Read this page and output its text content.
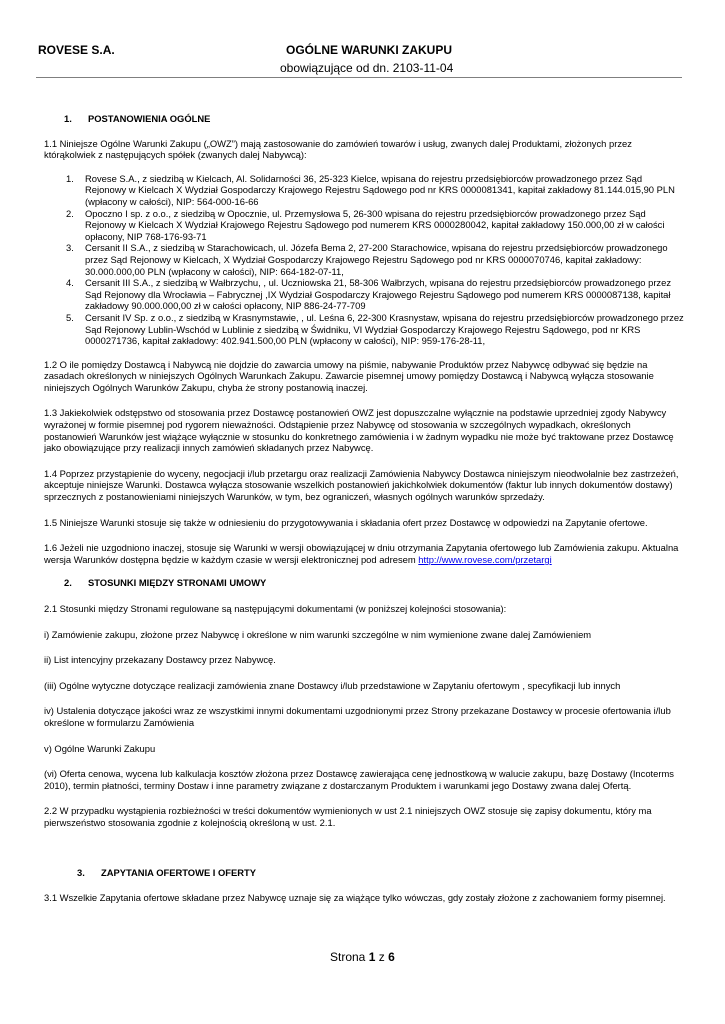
ROVESE S.A.	OGÓLNE WARUNKI ZAKUPU
obowiązujące od dn. 2103-11-04
1. POSTANOWIENIA OGÓLNE

1.1 Niniejsze Ogólne Warunki Zakupu („OWZ”) mają zastosowanie do zamówień towarów i usług, zwanych dalej Produktami, złożonych przez którąkolwiek z następujących spółek (zwanych dalej Nabywcą):

1. Rovese S.A., z siedzibą w Kielcach, Al. Solidarności 36, 25-323 Kielce, wpisana do rejestru przedsiębiorców prowadzonego przez Sąd Rejonowy w Kielcach X Wydział Gospodarczy Krajowego Rejestru Sądowego pod nr KRS 0000081341, kapitał zakładowy 81.144.015,90 PLN (wpłacony w całości), NIP: 564-000-16-66
2. Opoczno I sp. z o.o., z siedzibą w Opocznie, ul. Przemysłowa 5, 26-300 wpisana do rejestru przedsiębiorców prowadzonego przez Sąd Rejonowy w Kielcach X Wydział Krajowego Rejestru Sądowego pod numerem KRS 0000280042, kapitał zakładowy 150.000,00 zł w całości opłacony, NIP 768-176-93-71
3. Cersanit II S.A., z siedzibą w Starachowicach, ul. Józefa Bema 2, 27-200 Starachowice, wpisana do rejestru przedsiębiorców prowadzonego przez Sąd Rejonowy w Kielcach, X Wydział Gospodarczy Krajowego Rejestru Sądowego pod nr KRS 0000070746, kapitał zakładowy: 30.000.000,00 PLN (wpłacony w całości), NIP: 664-182-07-11,
4. Cersanit III S.A., z siedzibą w Wałbrzychu, , ul. Uczniowska 21, 58-306 Wałbrzych, wpisana do rejestru przedsiębiorców prowadzonego przez Sąd Rejonowy dla Wrocławia – Fabrycznej ,IX Wydział Gospodarczy Krajowego Rejestru Sądowego pod numerem KRS 0000087138, kapitał zakładowy 90.000.000,00 zł w całości opłacony, NIP 886-24-77-709
5. Cersanit IV Sp. z o.o., z siedzibą w Krasnymstawie, , ul. Leśna 6, 22-300 Krasnystaw, wpisana do rejestru przedsiębiorców prowadzonego przez Sąd Rejonowy Lublin-Wschód w Lublinie z siedzibą w Świdniku, VI Wydział Gospodarczy Krajowego Rejestru Sądowego, pod nr KRS 0000271736, kapitał zakładowy: 402.941.500,00 PLN (wpłacony w całości), NIP: 959-176-28-11,

1.2 O ile pomiędzy Dostawcą i Nabywcą nie dojdzie do zawarcia umowy na piśmie, nabywanie Produktów przez Nabywcę odbywać się będzie na zasadach określonych w niniejszych Ogólnych Warunkach Zakupu. Zawarcie pisemnej umowy pomiędzy Dostawcą i Nabywcą wyłącza stosowanie niniejszych Ogólnych Warunków Zakupu, chyba że strony postanowią inaczej.

1.3 Jakiekolwiek odstępstwo od stosowania przez Dostawcę postanowień OWZ jest dopuszczalne wyłącznie na podstawie uprzedniej zgody Nabywcy wyrażonej w formie pisemnej pod rygorem nieważności. Odstąpienie przez Nabywcę od stosowania w szczególnych wypadkach, określonych postanowień Warunków jest wiążące wyłącznie w stosunku do konkretnego zamówienia i w żadnym wypadku nie może być traktowane przez Dostawcę jako obowiązujące przy realizacji innych zamówień składanych przez Nabywcę.

1.4 Poprzez przystąpienie do wyceny, negocjacji i/lub przetargu oraz realizacji Zamówienia Nabywcy Dostawca niniejszym nieodwołalnie bez zastrzeżeń, akceptuje niniejsze Warunki. Dostawca wyłącza stosowanie wszelkich postanowień jakichkolwiek dokumentów (faktur lub innych dokumentów dostawy) sprzecznych z postanowieniami niniejszych Warunków, w tym, bez ograniczeń, własnych ogólnych warunków sprzedaży.

1.5 Niniejsze Warunki stosuje się także w odniesieniu do przygotowywania i składania ofert przez Dostawcę w odpowiedzi na Zapytanie ofertowe.

1.6 Jeżeli nie uzgodniono inaczej, stosuje się Warunki w wersji obowiązującej w dniu otrzymania Zapytania ofertowego lub Zamówienia zakupu. Aktualna wersja Warunków dostępna będzie w każdym czasie w wersji elektronicznej pod adresem http://www.rovese.com/przetargi

2. STOSUNKI MIĘDZY STRONAMI UMOWY

2.1 Stosunki między Stronami regulowane są następującymi dokumentami (w poniższej kolejności stosowania):

i) Zamówienie zakupu, złożone przez Nabywcę i określone w nim warunki szczególne w nim wymienione zwane dalej Zamówieniem

ii) List intencyjny przekazany Dostawcy przez Nabywcę.

(iii) Ogólne wytyczne dotyczące realizacji zamówienia znane Dostawcy i/lub przedstawione w Zapytaniu ofertowym , specyfikacji lub innych

iv) Ustalenia dotyczące jakości wraz ze wszystkimi innymi dokumentami uzgodnionymi przez Strony przekazane Dostawcy w procesie ofertowania i/lub określone w formularzu Zamówienia

v) Ogólne Warunki Zakupu

(vi) Oferta cenowa, wycena lub kalkulacja kosztów złożona przez Dostawcę zawierająca cenę jednostkową w walucie zakupu, bazę Dostawy (Incoterms 2010), termin płatności, terminy Dostaw i inne parametry związane z dostarczanym Produktem i warunkami jego Dostawy zwana dalej Ofertą.

2.2 W przypadku wystąpienia rozbieżności w treści dokumentów wymienionych w ust 2.1 niniejszych OWZ stosuje się zapisy dokumentu, który ma pierwszeństwo stosowania zgodnie z kolejnością określoną w ust. 2.1.

3. ZAPYTANIA OFERTOWE I OFERTY

3.1 Wszelkie Zapytania ofertowe składane przez Nabywcę uznaje się za wiążące tylko wówczas, gdy zostały złożone z zachowaniem formy pisemnej.

Strona 1 z 6
